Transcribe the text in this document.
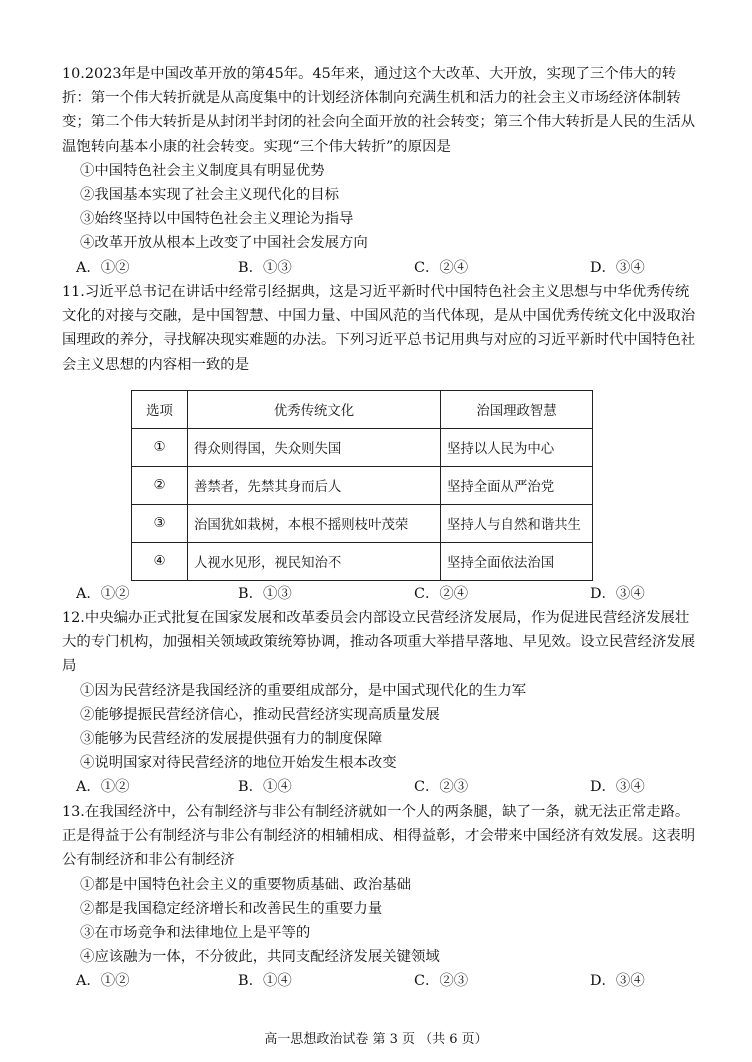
10.2023年是中国改革开放的第45年。45年来，通过这个大改革、大开放，实现了三个伟大的转折：第一个伟大转折就是从高度集中的计划经济体制向充满生机和活力的社会主义市场经济体制转变；第二个伟大转折是从封闭半封闭的社会向全面开放的社会转变；第三个伟大转折是人民的生活从温饱转向基本小康的社会转变。实现“三个伟大转折”的原因是

①中国特色社会主义制度具有明显优势

②我国基本实现了社会主义现代化的目标

③始终坚持以中国特色社会主义理论为指导

④改革开放从根本上改变了中国社会发展方向

A．①②	B．①③	C．②④	D．③④

11.习近平总书记在讲话中经常引经据典，这是习近平新时代中国特色社会主义思想与中华优秀传统文化的对接与交融，是中国智慧、中国力量、中国风范的当代体现，是从中国优秀传统文化中汲取治国理政的养分，寻找解决现实难题的办法。下列习近平总书记用典与对应的习近平新时代中国特色社会主义思想的内容相一致的是

选项	优秀传统文化	治国理政智慧
①	得众则得国，失众则失国	坚持以人民为中心
②	善禁者，先禁其身而后人	坚持全面从严治党
③	治国犹如栽树，本根不摇则枝叶茂荣	坚持人与自然和谐共生
④	人视水见形，视民知治不	坚持全面依法治国
A．①②	B．①③	C．②④	D．③④

12.中央编办正式批复在国家发展和改革委员会内部设立民营经济发展局，作为促进民营经济发展壮大的专门机构，加强相关领域政策统筹协调，推动各项重大举措早落地、早见效。设立民营经济发展局

①因为民营经济是我国经济的重要组成部分，是中国式现代化的生力军

②能够提振民营经济信心，推动民营经济实现高质量发展

③能够为民营经济的发展提供强有力的制度保障

④说明国家对待民营经济的地位开始发生根本改变

A．①②	B．①④	C．②③	D．③④

13.在我国经济中，公有制经济与非公有制经济就如一个人的两条腿，缺了一条，就无法正常走路。正是得益于公有制经济与非公有制经济的相辅相成、相得益彰，才会带来中国经济有效发展。这表明公有制经济和非公有制经济

①都是中国特色社会主义的重要物质基础、政治基础

②都是我国稳定经济增长和改善民生的重要力量

③在市场竞争和法律地位上是平等的

④应该融为一体，不分彼此，共同支配经济发展关键领域

A．①②	B．①④	C．②③	D．③④
高一思想政治试卷 第 3 页 （共 6 页）
